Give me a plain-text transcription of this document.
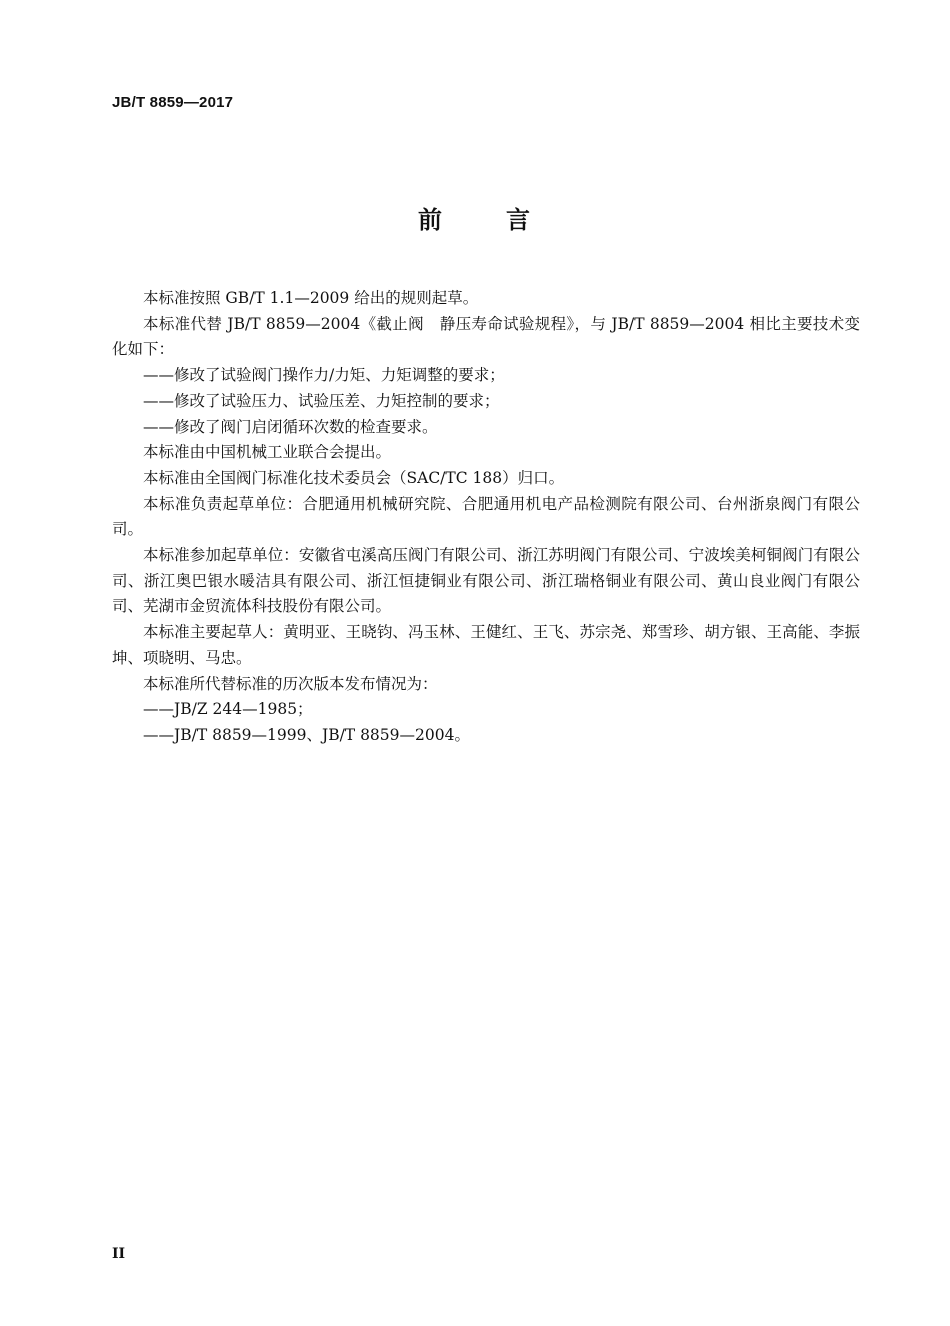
JB/T 8859—2017
前	言

本标准按照 GB/T 1.1—2009 给出的规则起草。

本标准代替 JB/T 8859—2004《截止阀　静压寿命试验规程》，与 JB/T 8859—2004 相比主要技术变化如下：

——修改了试验阀门操作力/力矩、力矩调整的要求；

——修改了试验压力、试验压差、力矩控制的要求；

——修改了阀门启闭循环次数的检查要求。

本标准由中国机械工业联合会提出。

本标准由全国阀门标准化技术委员会（SAC/TC 188）归口。

本标准负责起草单位：合肥通用机械研究院、合肥通用机电产品检测院有限公司、台州浙泉阀门有限公司。

本标准参加起草单位：安徽省屯溪高压阀门有限公司、浙江苏明阀门有限公司、宁波埃美柯铜阀门有限公司、浙江奥巴银水暖洁具有限公司、浙江恒捷铜业有限公司、浙江瑞格铜业有限公司、黄山良业阀门有限公司、芜湖市金贸流体科技股份有限公司。

本标准主要起草人：黄明亚、王晓钧、冯玉林、王健红、王飞、苏宗尧、郑雪珍、胡方银、王高能、李振坤、项晓明、马忠。

本标准所代替标准的历次版本发布情况为：

——JB/Z 244—1985；

——JB/T 8859—1999、JB/T 8859—2004。

II
